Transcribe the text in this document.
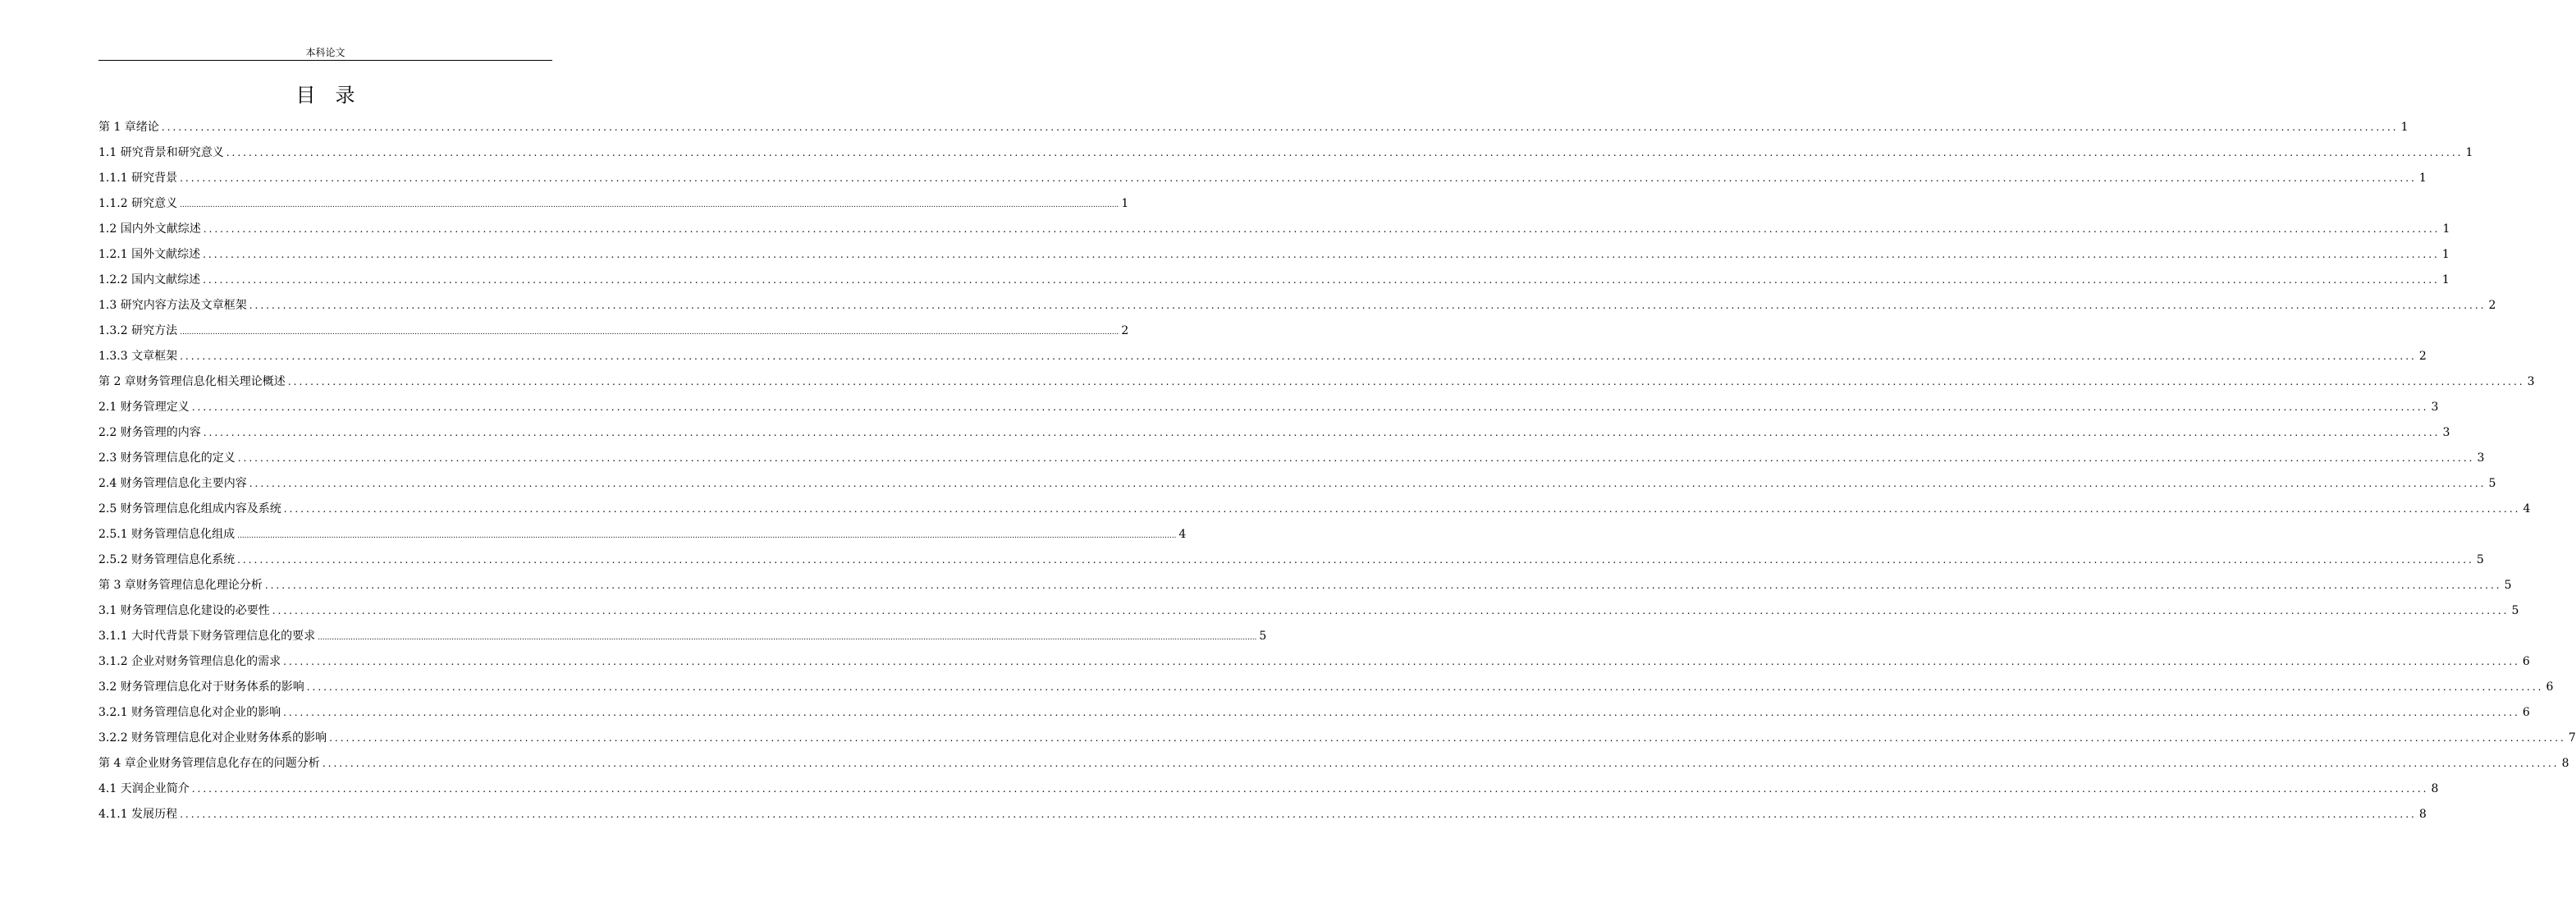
本科论文
目录
第 1 章绪论 ................................................................................................................................................................................................................................................................................................................................................................................................................ 1
1.1 研究背景和研究意义 ................................................................................................................................................................................................................................................................................................................................................................................................................ 1
1.1.1 研究背景 ................................................................................................................................................................................................................................................................................................................................................................................................................ 1
1.1.2 研究意义 ................................................................................................................................................................................................................................................................................................................................................................................................................ 1
1.2 国内外文献综述 ................................................................................................................................................................................................................................................................................................................................................................................................................ 1
1.2.1 国外文献综述 ................................................................................................................................................................................................................................................................................................................................................................................................................ 1
1.2.2 国内文献综述 ................................................................................................................................................................................................................................................................................................................................................................................................................ 1
1.3 研究内容方法及文章框架 ................................................................................................................................................................................................................................................................................................................................................................................................................ 2
1.3.2 研究方法 ................................................................................................................................................................................................................................................................................................................................................................................................................ 2
1.3.3 文章框架 ................................................................................................................................................................................................................................................................................................................................................................................................................ 2
第 2 章财务管理信息化相关理论概述 ................................................................................................................................................................................................................................................................................................................................................................................................................ 3
2.1 财务管理定义 ................................................................................................................................................................................................................................................................................................................................................................................................................ 3
2.2 财务管理的内容 ................................................................................................................................................................................................................................................................................................................................................................................................................ 3
2.3 财务管理信息化的定义 ................................................................................................................................................................................................................................................................................................................................................................................................................ 3
2.4 财务管理信息化主要内容 ................................................................................................................................................................................................................................................................................................................................................................................................................ 5
2.5 财务管理信息化组成内容及系统 ................................................................................................................................................................................................................................................................................................................................................................................................................ 4
2.5.1 财务管理信息化组成 ................................................................................................................................................................................................................................................................................................................................................................................................................ 4
2.5.2 财务管理信息化系统 ................................................................................................................................................................................................................................................................................................................................................................................................................ 5
第 3 章财务管理信息化理论分析 ................................................................................................................................................................................................................................................................................................................................................................................................................ 5
3.1 财务管理信息化建设的必要性 ................................................................................................................................................................................................................................................................................................................................................................................................................ 5
3.1.1 大时代背景下财务管理信息化的要求 ................................................................................................................................................................................................................................................................................................................................................................................................................ 5
3.1.2 企业对财务管理信息化的需求 ................................................................................................................................................................................................................................................................................................................................................................................................................ 6
3.2 财务管理信息化对于财务体系的影响 ................................................................................................................................................................................................................................................................................................................................................................................................................ 6
3.2.1 财务管理信息化对企业的影响 ................................................................................................................................................................................................................................................................................................................................................................................................................ 6
3.2.2 财务管理信息化对企业财务体系的影响 ................................................................................................................................................................................................................................................................................................................................................................................................................ 7
第 4 章企业财务管理信息化存在的问题分析 ................................................................................................................................................................................................................................................................................................................................................................................................................ 8
4.1 天润企业简介 ................................................................................................................................................................................................................................................................................................................................................................................................................ 8
4.1.1 发展历程 ................................................................................................................................................................................................................................................................................................................................................................................................................ 8
